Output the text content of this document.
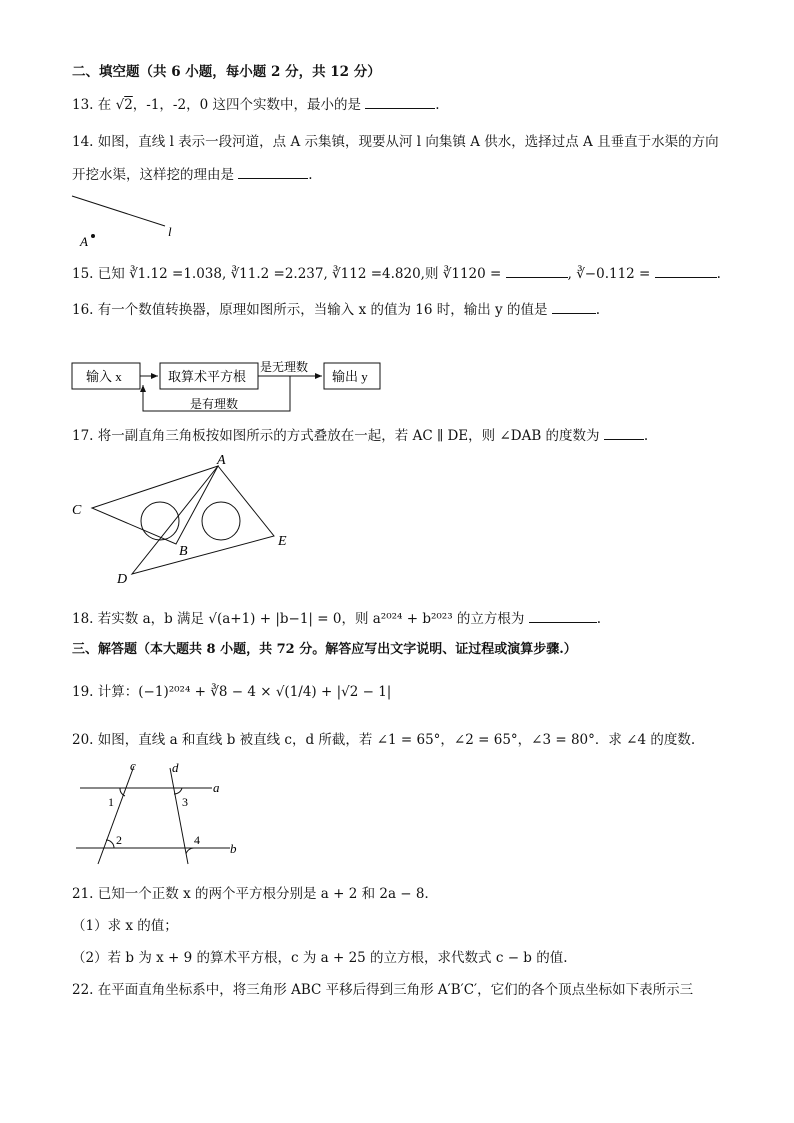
二、填空题（共 6 小题，每小题 2 分，共 12 分）
13. 在 √2，-1，-2，0 这四个实数中，最小的是	.
14. 如图，直线 l 表示一段河道，点 A 示集镇，现要从河 l 向集镇 A 供水，选择过点 A 且垂直于水渠的方向
开挖水渠，这样挖的理由是	.
A
l
15. 已知 ∛1.12 =1.038, ∛11.2 =2.237, ∛112 =4.820,则 ∛1120 =	, ∛−0.112 =	.
16. 有一个数值转换器，原理如图所示，当输入 x 的值为 16 时，输出 y 的值是	.
输入 x	取算术平方根
是无理数
输出 y
是有理数
17. 将一副直角三角板按如图所示的方式叠放在一起，若 AC ∥ DE，则 ∠DAB 的度数为	.
A
B
C
D
E
18. 若实数 a，b 满足 √(a+1) + |b−1| = 0，则 a²⁰²⁴ + b²⁰²³ 的立方根为	.
三、解答题（本大题共 8 小题，共 72 分。解答应写出文字说明、证过程或演算步骤.）
19. 计算：(−1)²⁰²⁴ + ∛8 − 4 × √(1/4) + |√2 − 1|
20. 如图，直线 a 和直线 b 被直线 c，d 所截，若 ∠1 = 65°，∠2 = 65°，∠3 = 80°．求 ∠4 的度数.
c	d
a
b
1
2
3
4
21. 已知一个正数 x 的两个平方根分别是 a + 2 和 2a − 8．
（1）求 x 的值；
（2）若 b 为 x + 9 的算术平方根，c 为 a + 25 的立方根，求代数式 c − b 的值.
22. 在平面直角坐标系中，将三角形 ABC 平移后得到三角形 A′B′C′，它们的各个顶点坐标如下表所示三
